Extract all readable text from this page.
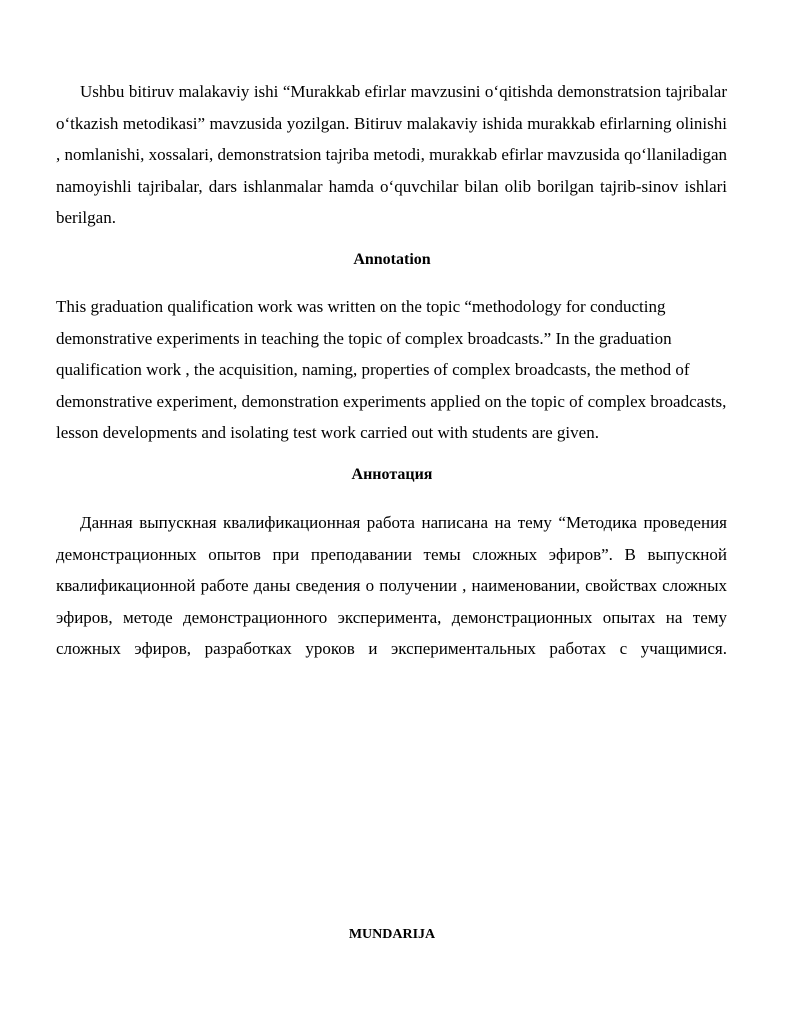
Ushbu bitiruv malakaviy ishi “Murakkab efirlar mavzusini o‘qitishda demonstratsion tajribalar o‘tkazish metodikasi” mavzusida yozilgan. Bitiruv malakaviy ishida murakkab efirlarning olinishi , nomlanishi, xossalari, demonstratsion tajriba metodi, murakkab efirlar mavzusida qo‘llaniladigan namoyishli tajribalar, dars ishlanmalar hamda o‘quvchilar bilan olib borilgan tajrib-sinov ishlari berilgan.

Annotation

This graduation qualification work was written on the topic “methodology for conducting demonstrative experiments in teaching the topic of complex broadcasts.” In the graduation qualification work , the acquisition, naming, properties of complex broadcasts, the method of demonstrative experiment, demonstration experiments applied on the topic of complex broadcasts, lesson developments and isolating test work carried out with students are given.

Аннотация

Данная выпускная квалификационная работа написана на тему “Методика проведения демонстрационных опытов при преподавании темы сложных эфиров”. В выпускной квалификационной работе даны сведения о получении , наименовании, свойствах сложных эфиров, методе демонстрационного эксперимента, демонстрационных опытах на тему сложных эфиров, разработках уроков и экспериментальных работах с учащимися.

MUNDARIJA
